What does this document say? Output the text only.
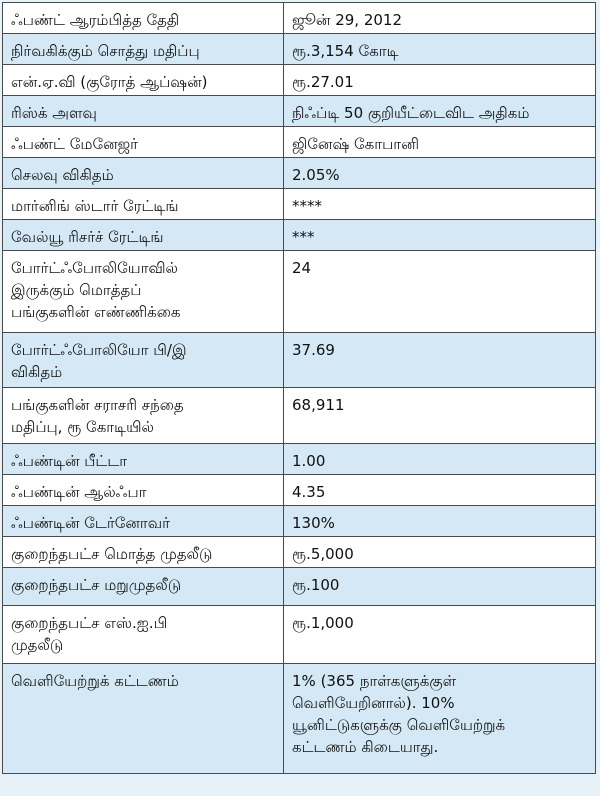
ஃபண்ட் ஆரம்பித்த தேதி	ஜூன் 29, 2012
நிர்வகிக்கும் சொத்து மதிப்பு	ரூ.3,154 கோடி
என்.ஏ.வி (குரோத் ஆப்ஷன்)	ரூ.27.01
ரிஸ்க் அளவு	நிஃப்டி 50 குறியீட்டைவிட அதிகம்
ஃபண்ட் மேனேஜர்	ஜினேஷ் கோபானி
செலவு விகிதம்	2.05%
மார்னிங் ஸ்டார் ரேட்டிங்	****
வேல்யூ ரிசர்ச் ரேட்டிங்	***
போர்ட்ஃபோலியோவில்
இருக்கும் மொத்தப்
பங்குகளின் எண்ணிக்கை	24
போர்ட்ஃபோலியோ பி/இ
விகிதம்	37.69
பங்குகளின் சராசரி சந்தை
மதிப்பு, ரூ கோடியில்	68,911
ஃபண்டின் பீட்டா	1.00
ஃபண்டின் ஆல்ஃபா	4.35
ஃபண்டின் டேர்னோவர்	130%
குறைந்தபட்ச மொத்த முதலீடு	ரூ.5,000
குறைந்தபட்ச மறுமுதலீடு	ரூ.100
குறைந்தபட்ச எஸ்.ஐ.பி
முதலீடு	ரூ.1,000
வெளியேற்றுக் கட்டணம்	1% (365 நாள்களுக்குள்
வெளியேறினால்). 10%
யூனிட்டுகளுக்கு வெளியேற்றுக்
கட்டணம் கிடையாது.
